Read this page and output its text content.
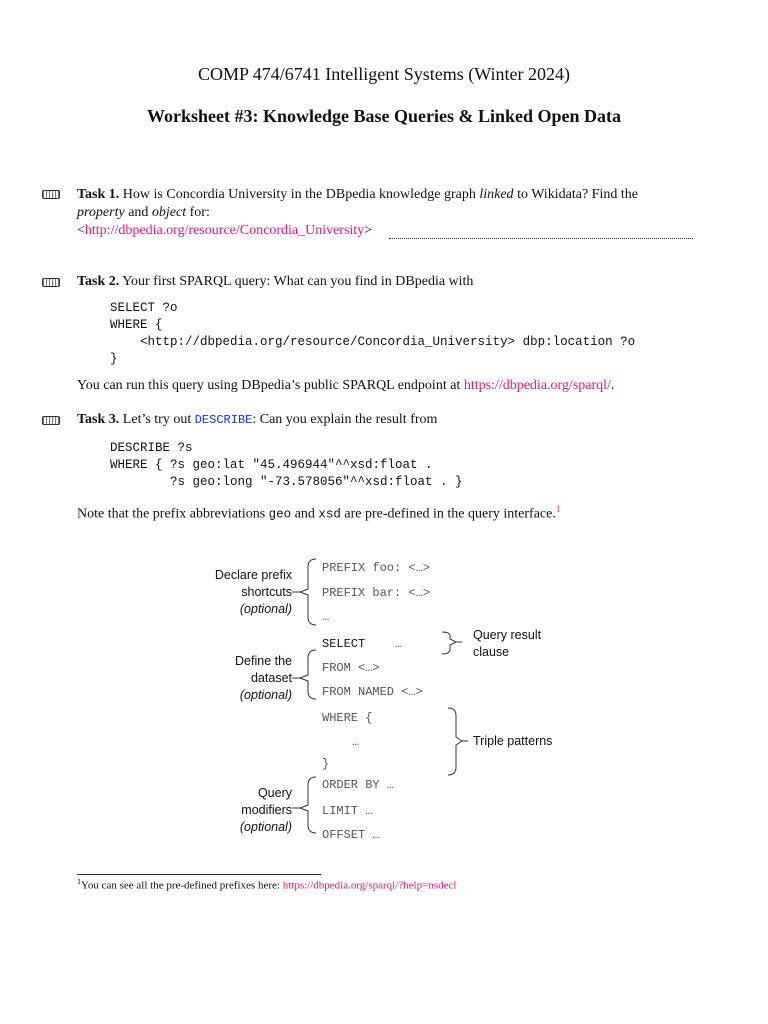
COMP 474/6741 Intelligent Systems (Winter 2024)
Worksheet #3: Knowledge Base Queries & Linked Open Data
Task 1. How is Concordia University in the DBpedia knowledge graph linked to Wikidata? Find the
property and object for:
<http://dbpedia.org/resource/Concordia_University>
Task 2. Your first SPARQL query: What can you find in DBpedia with
SELECT ?o
WHERE {
<http://dbpedia.org/resource/Concordia_University> dbp:location ?o
}
You can run this query using DBpedia’s public SPARQL endpoint at https://dbpedia.org/sparql/.
Task 3. Let’s try out DESCRIBE: Can you explain the result from
DESCRIBE ?s
WHERE { ?s geo:lat "45.496944"^^xsd:float .
?s geo:long "-73.578056"^^xsd:float . }
Note that the prefix abbreviations geo and xsd are pre-defined in the query interface.$^1$
Declare prefix
shortcuts
(optional)
Define the
dataset
(optional)
Query
modifiers
(optional)
PREFIX foo: <…>
PREFIX bar: <…>
…
SELECT …
FROM <…>
FROM NAMED <…>
WHERE {
…
}
ORDER BY …
LIMIT …
OFFSET …
Query result
clause
Triple patterns
$^1$You can see all the pre-defined prefixes here: https://dbpedia.org/sparql/?help=nsdecl
